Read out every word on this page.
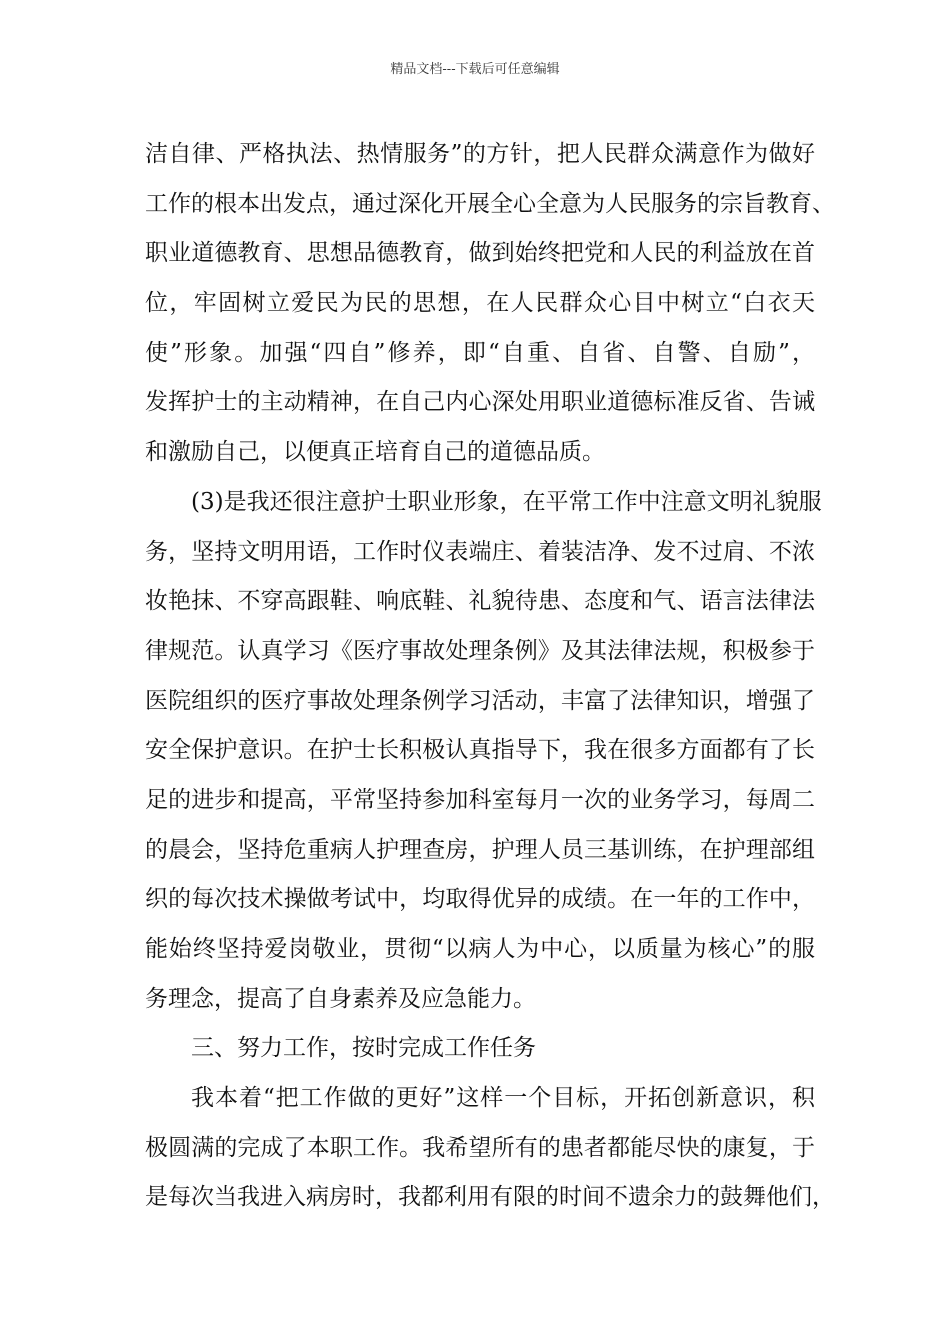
精品文档---下载后可任意编辑
洁自律、严格执法、热情服务”的方针，把人民群众满意作为做好
工作的根本出发点，通过深化开展全心全意为人民服务的宗旨教育、
职业道德教育、思想品德教育，做到始终把党和人民的利益放在首
位，牢固树立爱民为民的思想，在人民群众心目中树立“白衣天
使”形象。加强“四自”修养，即“自重、自省、自警、自励”，
发挥护士的主动精神，在自己内心深处用职业道德标准反省、告诫
和激励自己，以便真正培育自己的道德品质。
(3)是我还很注意护士职业形象，在平常工作中注意文明礼貌服
务，坚持文明用语，工作时仪表端庄、着装洁净、发不过肩、不浓
妆艳抹、不穿高跟鞋、响底鞋、礼貌待患、态度和气、语言法律法
律规范。认真学习《医疗事故处理条例》及其法律法规，积极参于
医院组织的医疗事故处理条例学习活动，丰富了法律知识，增强了
安全保护意识。在护士长积极认真指导下，我在很多方面都有了长
足的进步和提高，平常坚持参加科室每月一次的业务学习，每周二
的晨会，坚持危重病人护理查房，护理人员三基训练，在护理部组
织的每次技术操做考试中，均取得优异的成绩。在一年的工作中，
能始终坚持爱岗敬业，贯彻“以病人为中心，以质量为核心”的服
务理念，提高了自身素养及应急能力。
三、努力工作，按时完成工作任务
我本着“把工作做的更好”这样一个目标，开拓创新意识，积
极圆满的完成了本职工作。我希望所有的患者都能尽快的康复，于
是每次当我进入病房时，我都利用有限的时间不遗余力的鼓舞他们，
